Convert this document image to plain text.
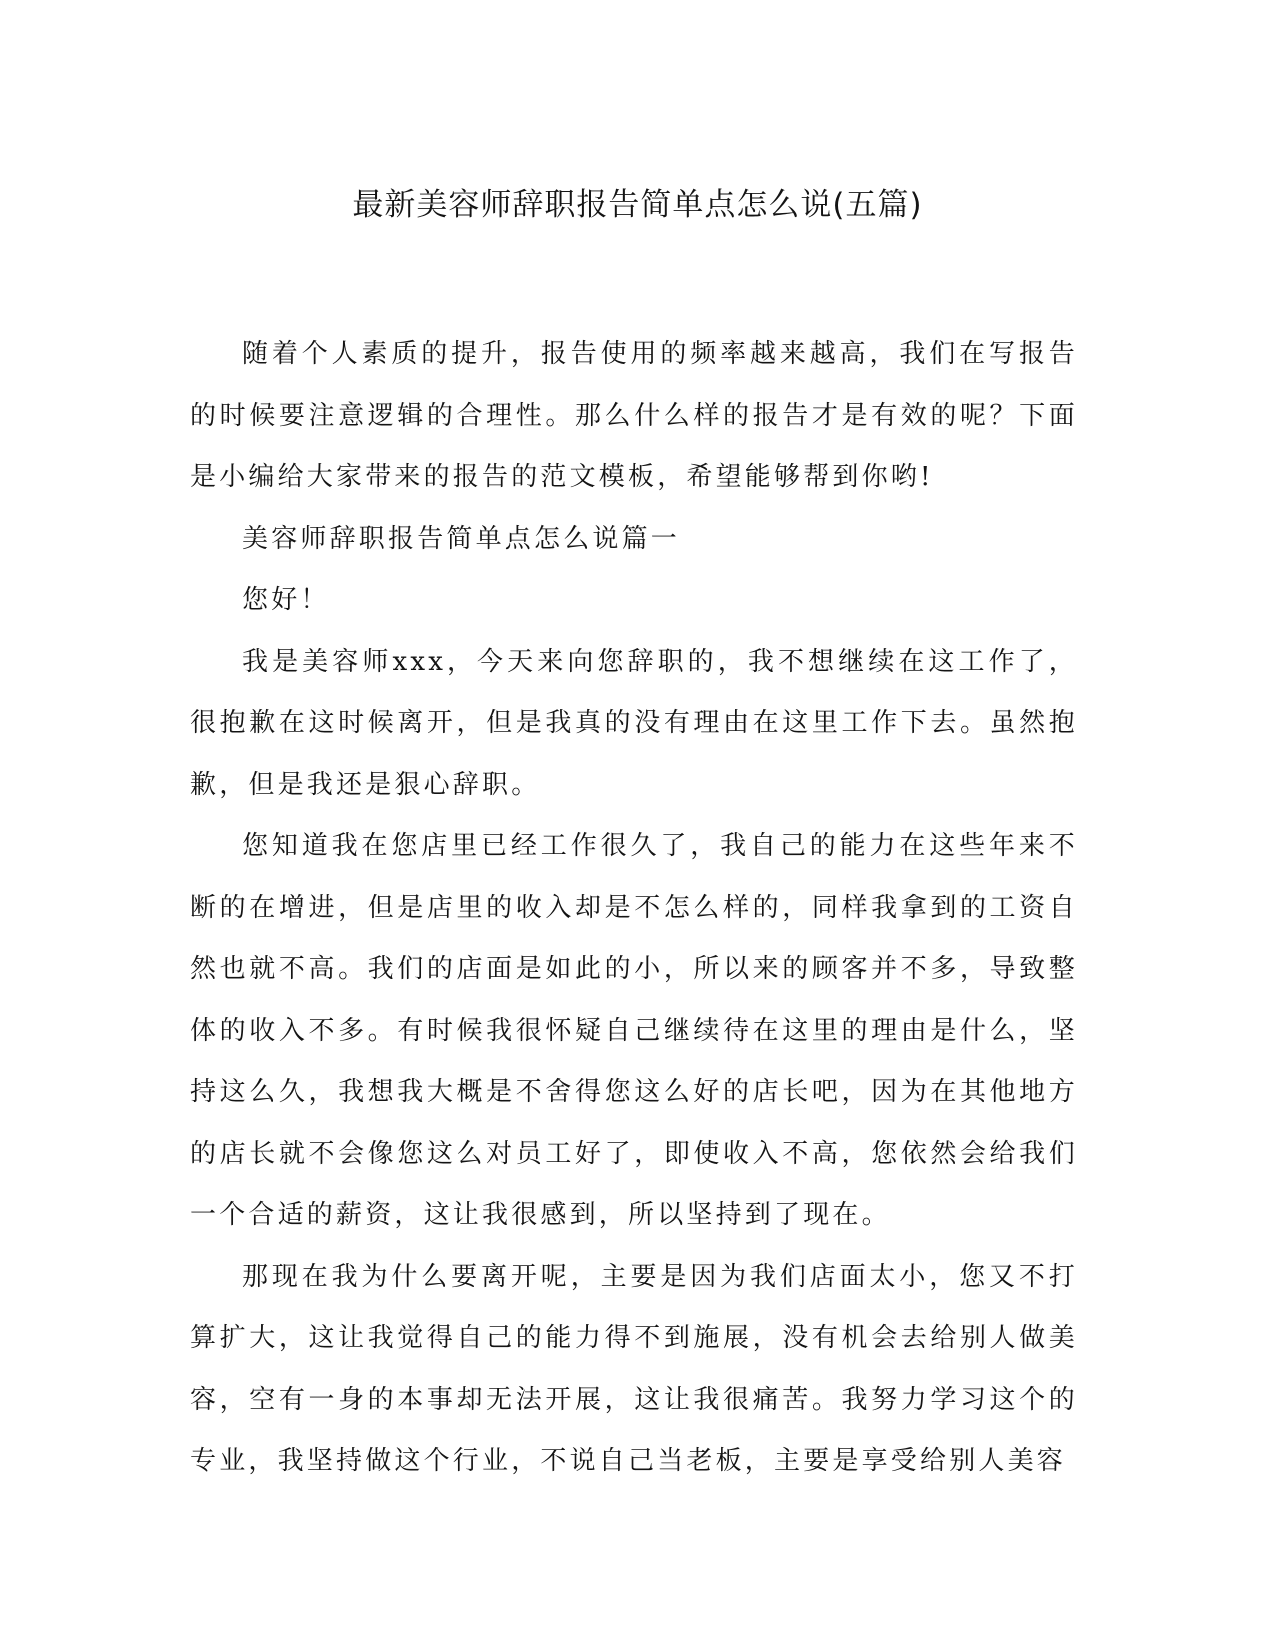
最新美容师辞职报告简单点怎么说(五篇)

随着个人素质的提升，报告使用的频率越来越高，我们在写报告的时候要注意逻辑的合理性。那么什么样的报告才是有效的呢？下面是小编给大家带来的报告的范文模板，希望能够帮到你哟!

美容师辞职报告简单点怎么说篇一

您好！

我是美容师xxx，今天来向您辞职的，我不想继续在这工作了，很抱歉在这时候离开，但是我真的没有理由在这里工作下去。虽然抱歉，但是我还是狠心辞职。

您知道我在您店里已经工作很久了，我自己的能力在这些年来不断的在增进，但是店里的收入却是不怎么样的，同样我拿到的工资自然也就不高。我们的店面是如此的小，所以来的顾客并不多，导致整体的收入不多。有时候我很怀疑自己继续待在这里的理由是什么，坚持这么久，我想我大概是不舍得您这么好的店长吧，因为在其他地方的店长就不会像您这么对员工好了，即使收入不高，您依然会给我们一个合适的薪资，这让我很感到，所以坚持到了现在。

那现在我为什么要离开呢，主要是因为我们店面太小，您又不打算扩大，这让我觉得自己的能力得不到施展，没有机会去给别人做美容，空有一身的本事却无法开展，这让我很痛苦。我努力学习这个的专业，我坚持做这个行业，不说自己当老板，主要是享受给别人美容
